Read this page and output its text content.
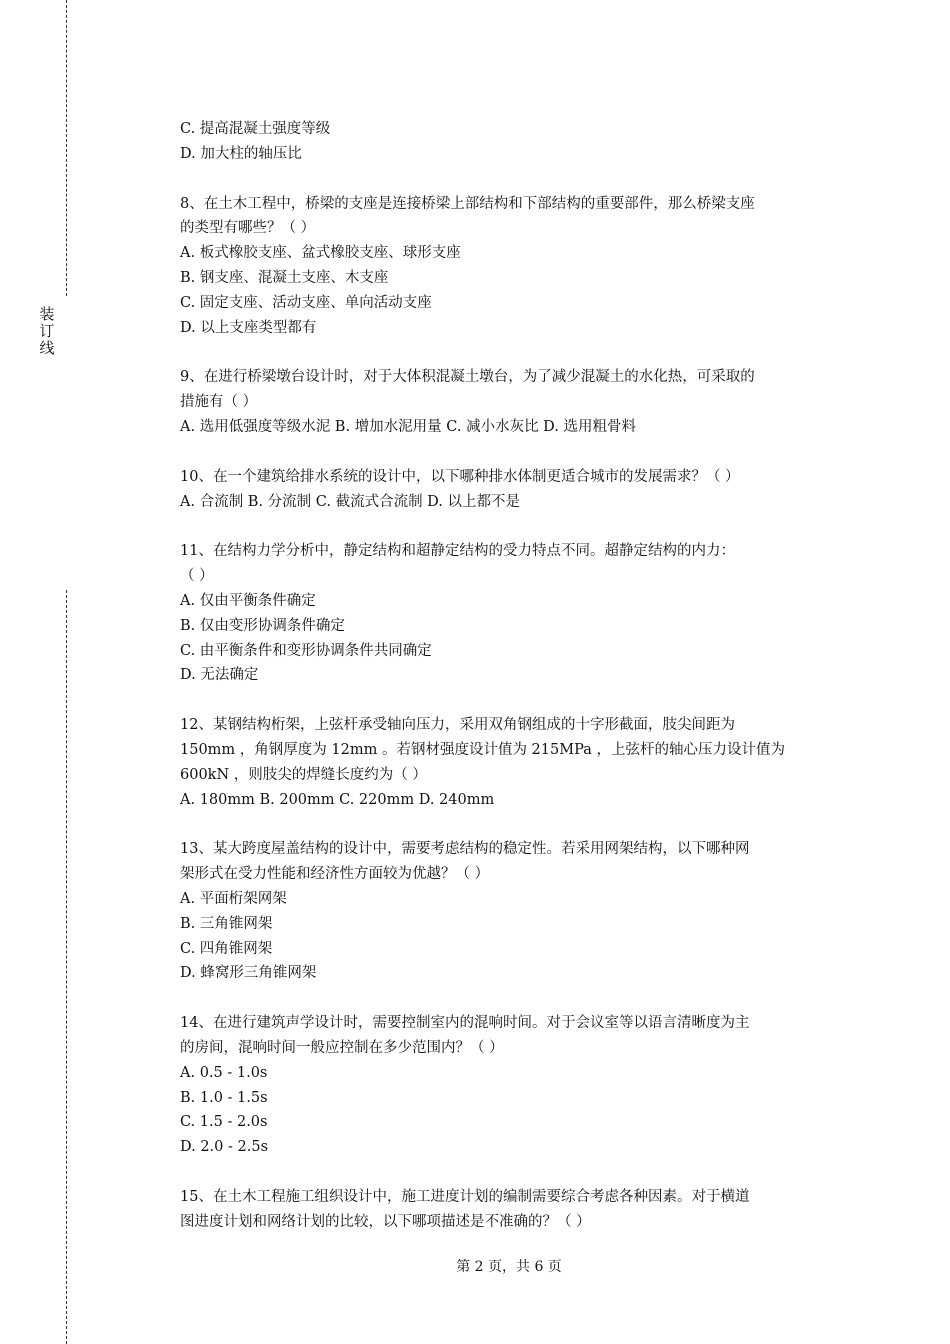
装
订
线
C. 提高混凝土强度等级
D. 加大柱的轴压比
8、在土木工程中，桥梁的支座是连接桥梁上部结构和下部结构的重要部件，那么桥梁支座
的类型有哪些？（ ）
A. 板式橡胶支座、盆式橡胶支座、球形支座
B. 钢支座、混凝土支座、木支座
C. 固定支座、活动支座、单向活动支座
D. 以上支座类型都有
9、在进行桥梁墩台设计时，对于大体积混凝土墩台，为了减少混凝土的水化热，可采取的
措施有（ ）
A. 选用低强度等级水泥 B. 增加水泥用量 C. 减小水灰比 D. 选用粗骨料
10、在一个建筑给排水系统的设计中，以下哪种排水体制更适合城市的发展需求？（ ）
A. 合流制 B. 分流制 C. 截流式合流制 D. 以上都不是
11、在结构力学分析中，静定结构和超静定结构的受力特点不同。超静定结构的内力：
（ ）
A. 仅由平衡条件确定
B. 仅由变形协调条件确定
C. 由平衡条件和变形协调条件共同确定
D. 无法确定
12、某钢结构桁架，上弦杆承受轴向压力，采用双角钢组成的十字形截面，肢尖间距为
150mm ，角钢厚度为 12mm 。若钢材强度设计值为 215MPa ，上弦杆的轴心压力设计值为
600kN ，则肢尖的焊缝长度约为（ ）
A. 180mm B. 200mm C. 220mm D. 240mm
13、某大跨度屋盖结构的设计中，需要考虑结构的稳定性。若采用网架结构，以下哪种网
架形式在受力性能和经济性方面较为优越？（ ）
A. 平面桁架网架
B. 三角锥网架
C. 四角锥网架
D. 蜂窝形三角锥网架
14、在进行建筑声学设计时，需要控制室内的混响时间。对于会议室等以语言清晰度为主
的房间，混响时间一般应控制在多少范围内？（ ）
A. 0.5 - 1.0s
B. 1.0 - 1.5s
C. 1.5 - 2.0s
D. 2.0 - 2.5s
15、在土木工程施工组织设计中，施工进度计划的编制需要综合考虑各种因素。对于横道
图进度计划和网络计划的比较，以下哪项描述是不准确的？（ ）
第 2 页，共 6 页
